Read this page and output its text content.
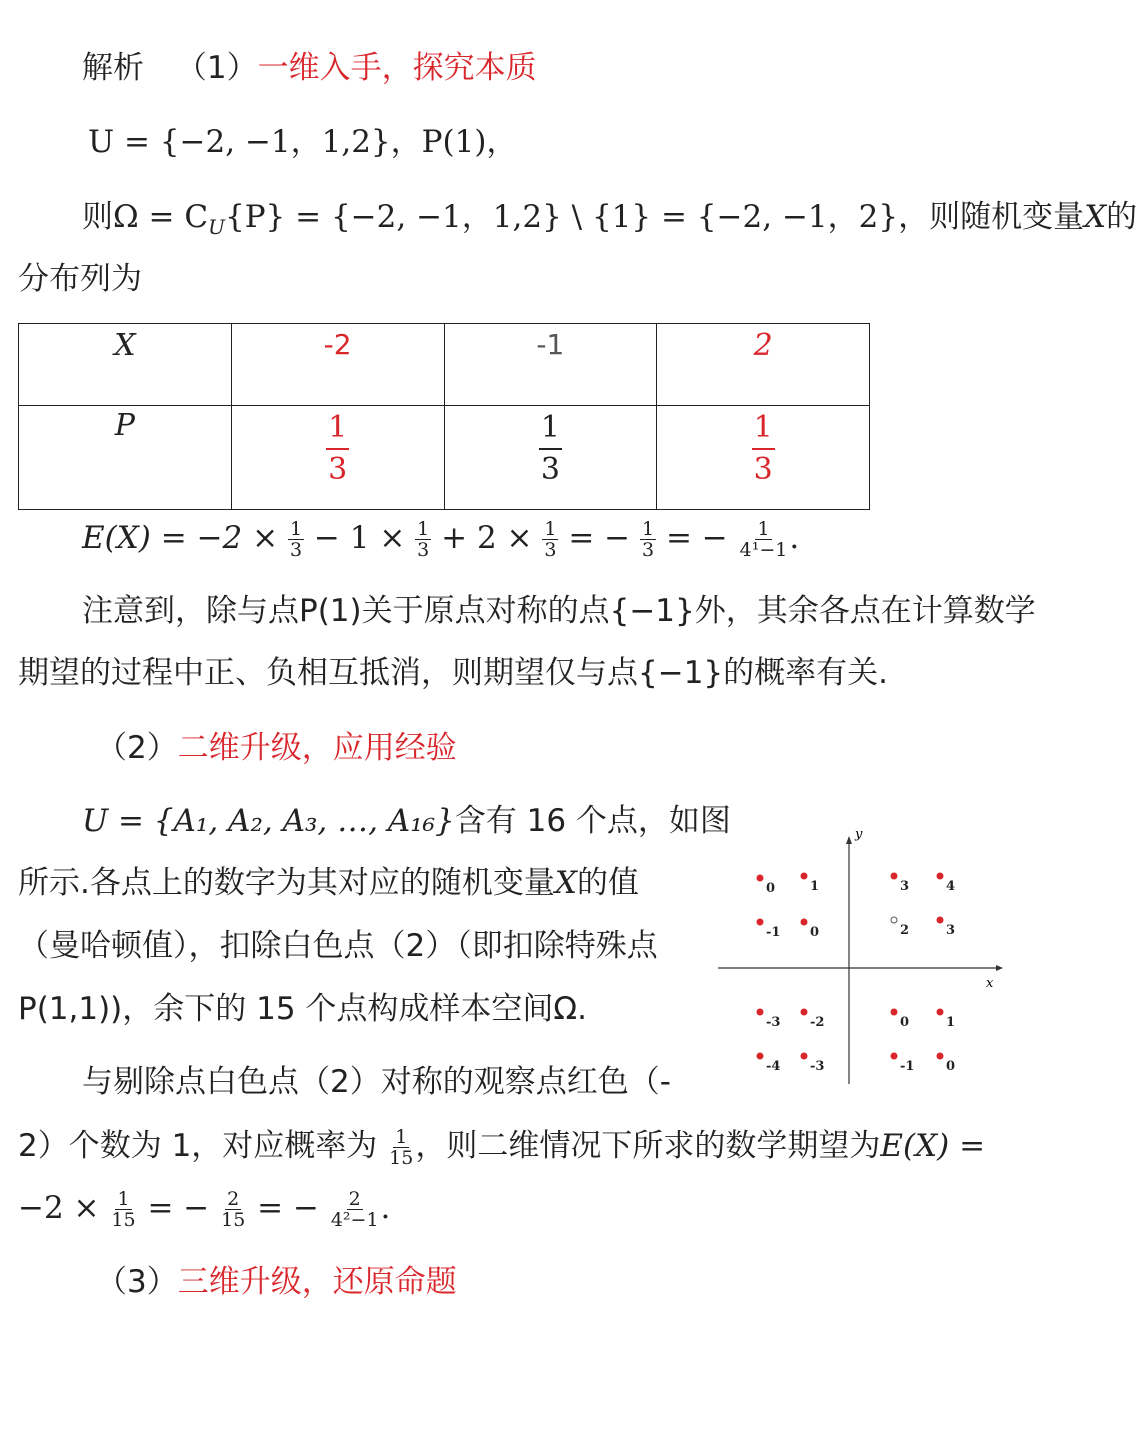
解析 （1）一维入手，探究本质
U = {−2, −1，1,2}，P(1)，
则$\Omega = C_U\{P\} = \{-2$, −1，1,2} \ {1} = {−2, −1，2}，则随机变量X的
分布列为
X	-2	-1	2
P	$\frac{1}{3}$	$\frac{1}{3}$	$\frac{1}{3}$
$E(X) = -2 \times \frac{1}{3} - 1 \times \frac{1}{3} + 2 \times \frac{1}{3}$ = − $\frac{1}{3}$ = − $\frac{1}{\text{4¹−1}}$ .
注意到，除与点P(1)关于原点对称的点{−1}外，其余各点在计算数学
期望的过程中正、负相互抵消，则期望仅与点{−1}的概率有关.
（2）二维升级，应用经验
U = {A₁, A₂, A₃, …, A₁₆}含有 16 个点，如图
所示.各点上的数字为其对应的随机变量X的值
（曼哈顿值），扣除白色点（2）（即扣除特殊点
P(1,1))，余下的 15 个点构成样本空间Ω.
与剔除点白色点（2）对称的观察点红色（-
2）个数为 1，对应概率为 $\frac{1}{15}$ ，则二维情况下所求的数学期望为E(X) =
$-2 \times \frac{1}{15}$ = − $\frac{2}{15}$ = − $\frac{2}{\text{4²−1}}$ .
（3）三维升级，还原命题
x
y
0	1
-1 0
3	4
2	3
-3 -2
-4 -3
0	1
-1 0
